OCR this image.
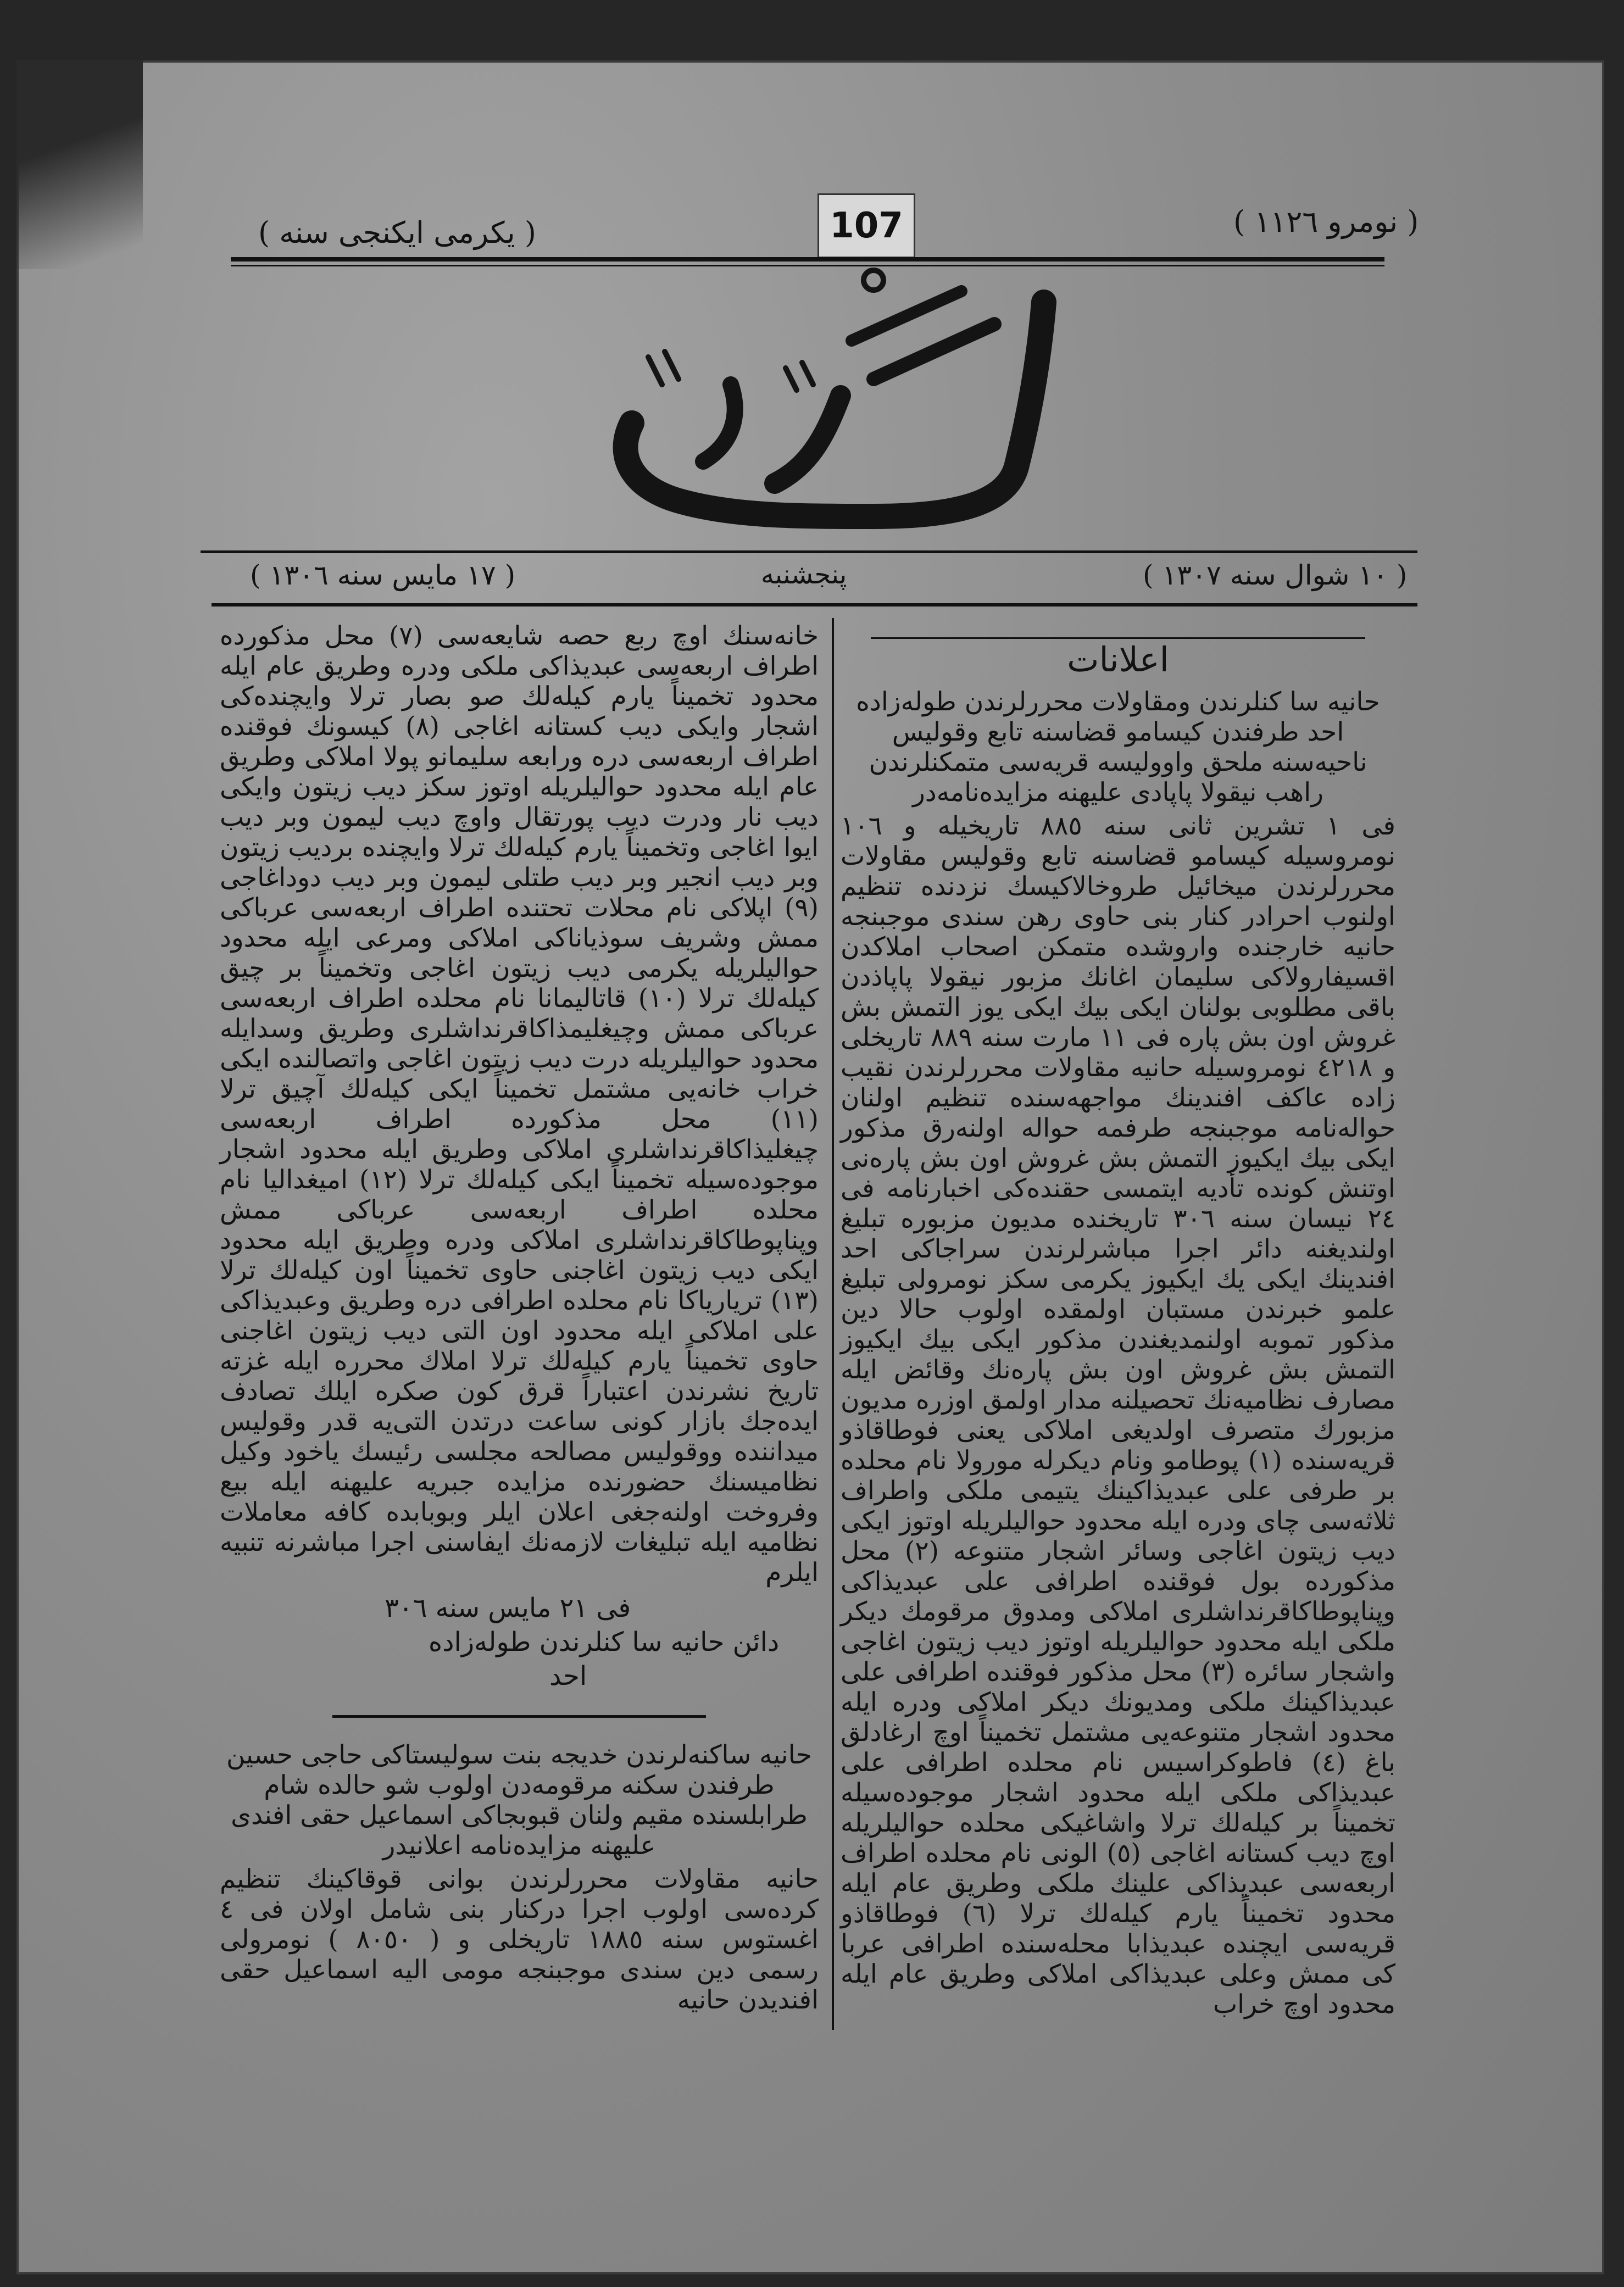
( یکرمی ایکنجی سنه )	107	( نومرو ١١٢٦ )
كريد
( ١٧ مایس سنه ١٣٠٦ )	پنجشنبه	( ١٠ شوال سنه ١٣٠٧ )
اعلانات

حانیه سا کنلرندن ومقاولات محررلرندن طوله‌زاده احد طرفندن کیسامو قضاسنه تابع وقولیس ناحیه‌سنه ملحق واوولیسه قریه‌سی متمکنلرندن راهب نیقولا پاپادی علیهنه مزایده‌نامه‌در

فی ١ تشرین ثانی سنه ٨٨٥ تاریخیله و ١٠٦ نومروسیله کیسامو قضاسنه تابع وقولیس مقاولات محررلرندن میخائیل طروخالاکیسك نزدنده تنظیم اولنوب احرادر کنار بنی حاوی رهن سندی موجبنجه حانیه خارجنده واروشده متمکن اصحاب املاکدن اقسیفارولاکی سلیمان اغانك مزبور نیقولا پاپاذدن باقی مطلوبی بولنان ایکی بیك ایکی یوز التمش بش غروش اون بش پاره فی ١١ مارت سنه ٨٨٩ تاریخلی و ٤٢١٨ نومروسیله حانیه مقاولات محررلرندن نقیب زاده عاکف افندینك مواجهه‌سنده تنظیم اولنان حواله‌نامه موجبنجه طرفمه حواله اولنه‌رق مذکور ایکی بیك ایکیوز التمش بش غروش اون بش پاره‌نی اوتنش کونده تأدیه ایتمسی حقنده‌کی اخبارنامه فی ٢٤ نیسان سنه ٣٠٦ تاریخنده مدیون مزبوره تبلیغ اولندیغنه دائر اجرا مباشرلرندن سراجاکی احد افندینك ایکی یك ایکیوز یکرمی سکز نومرولی تبلیغ علمو خبرندن مستبان اولمقده اولوب حالا دین مذکور تموبه اولنمدیغندن مذکور ایکی بیك ایکیوز التمش بش غروش اون بش پاره‌نك وقائض ایله مصارف نظامیه‌نك تحصیلنه مدار اولمق اوزره مدیون مزبورك متصرف اولدیغی املاکی یعنی فوطاقاذو قریه‌سنده (١) پوطامو ونام دیکرله مورولا نام محلده بر طرفی علی عبدیذاکینك یتیمی ملکی واطراف ثلاثه‌سی چای ودره ایله محدود حوالیلریله اوتوز ایکی دیب زیتون اغاجی وسائر اشجار متنوعه (٢) محل مذکورده بول فوقنده اطرافی علی عبدیذاکی وپناپوطاکاقرنداشلری املاکی ومدوق مرقومك دیکر ملکی ایله محدود حوالیلریله اوتوز دیب زیتون اغاجی واشجار سائره (٣) محل مذکور فوقنده اطرافی علی عبدیذاکینك ملکی ومدیونك دیکر املاکی ودره ایله محدود اشجار متنوعه‌یی مشتمل تخمیناً اوچ ارغادلق باغ (٤) فاطوکراسیس نام محلده اطرافی علی عبدیذاکی ملکی ایله محدود اشجار موجوده‌سیله تخمیناً بر کیله‌لك ترلا واشاغیکی محلده حوالیلریله اوچ دیب کستانه اغاجی (٥) الونی نام محلده اطراف اربعه‌سی عبدیذاکی علینك ملکی وطریق عام ایله محدود تخمیناً یارم کیله‌لك ترلا (٦) فوطاقاذو قریه‌سی ایچنده عبدیذابا محله‌سنده اطرافی عربا کی ممش وعلی عبدیذاکی املاکی وطریق عام ایله محدود اوچ خراب

خانه‌سنك اوچ ربع حصه شایعه‌سی (٧) محل مذکورده اطراف اربعه‌سی عبدیذاکی ملکی ودره وطریق عام ایله محدود تخمیناً یارم کیله‌لك صو بصار ترلا وایچنده‌کی اشجار وایکی دیب کستانه اغاجی (٨) کیسونك فوقنده اطراف اربعه‌سی دره ورابعه سلیمانو پولا املاکی وطریق عام ایله محدود حوالیلریله اوتوز سکز دیب زیتون وایکی دیب نار ودرت دیب پورتقال واوچ دیب لیمون وبر دیب ایوا اغاجی وتخمیناً یارم کیله‌لك ترلا وایچنده بردیب زیتون وبر دیب انجیر وبر دیب طتلی لیمون وبر دیب دوداغاجی (٩) اپلاکی نام محلات تحتنده اطراف اربعه‌سی عرباکی ممش وشریف سوذیاناکی املاکی ومرعی ایله محدود حوالیلریله یکرمی دیب زیتون اغاجی وتخمیناً بر چیق کیله‌لك ترلا (١٠) قاتالیمانا نام محلده اطراف اربعه‌سی عرباکی ممش وچیغلیمذاکاقرنداشلری وطریق وسدایله محدود حوالیلریله درت دیب زیتون اغاجی واتصالنده ایکی خراب خانه‌یی مشتمل تخمیناً ایکی کیله‌لك آچیق ترلا (١١) محل مذکورده اطراف اربعه‌سی چیغلیذاکاقرنداشلری املاکی وطریق ایله محدود اشجار موجوده‌سیله تخمیناً ایکی کیله‌لك ترلا (١٢) امیغدالیا نام محلده اطراف اربعه‌سی عرباکی ممش وپناپوطاکاقرنداشلری املاکی ودره وطریق ایله محدود ایکی دیب زیتون اغاجنی حاوی تخمیناً اون کیله‌لك ترلا (١٣) تریاریاکا نام محلده اطرافی دره وطریق وعبدیذاکی علی املاکی ایله محدود اون التی دیب زیتون اغاجنی حاوی تخمیناً یارم کیله‌لك ترلا املاك محرره ایله غزته تاریخ نشرندن اعتباراً قرق کون صکره ایلك تصادف ایده‌جك بازار کونی ساعت درتدن التی‌یه قدر وقولیس میداننده ووقولیس مصالحه مجلسی رئیسك یاخود وکیل نظامیسنك حضورنده مزایده جبریه علیهنه ایله بیع وفروخت اولنه‌جغی اعلان ایلر وبوبابده کافه معاملات نظامیه ایله تبلیغات لازمه‌نك ایفاسنی اجرا مباشرنه تنبیه ایلرم

فی ٢١ مایس سنه ٣٠٦
دائن حانیه سا کنلرندن طوله‌زاده
احد

حانیه ساکنه‌لرندن خدیجه بنت سولیستاکی حاجی حسین طرفندن سکنه مرقومه‌دن اولوب شو حالده شام طرابلسنده مقیم ولنان قبوبجاکی اسماعیل حقی افندی علیهنه مزایده‌نامه اعلانیدر

حانیه مقاولات محررلرندن بوانی قوقاکینك تنظیم کرده‌سی اولوب اجرا درکنار بنی شامل اولان فی ٤ اغستوس سنه ١٨٨٥ تاریخلی و ( ٨٠٥٠ ) نومرولی رسمی دین سندی موجبنجه مومی الیه اسماعیل حقی افندیدن حانیه
